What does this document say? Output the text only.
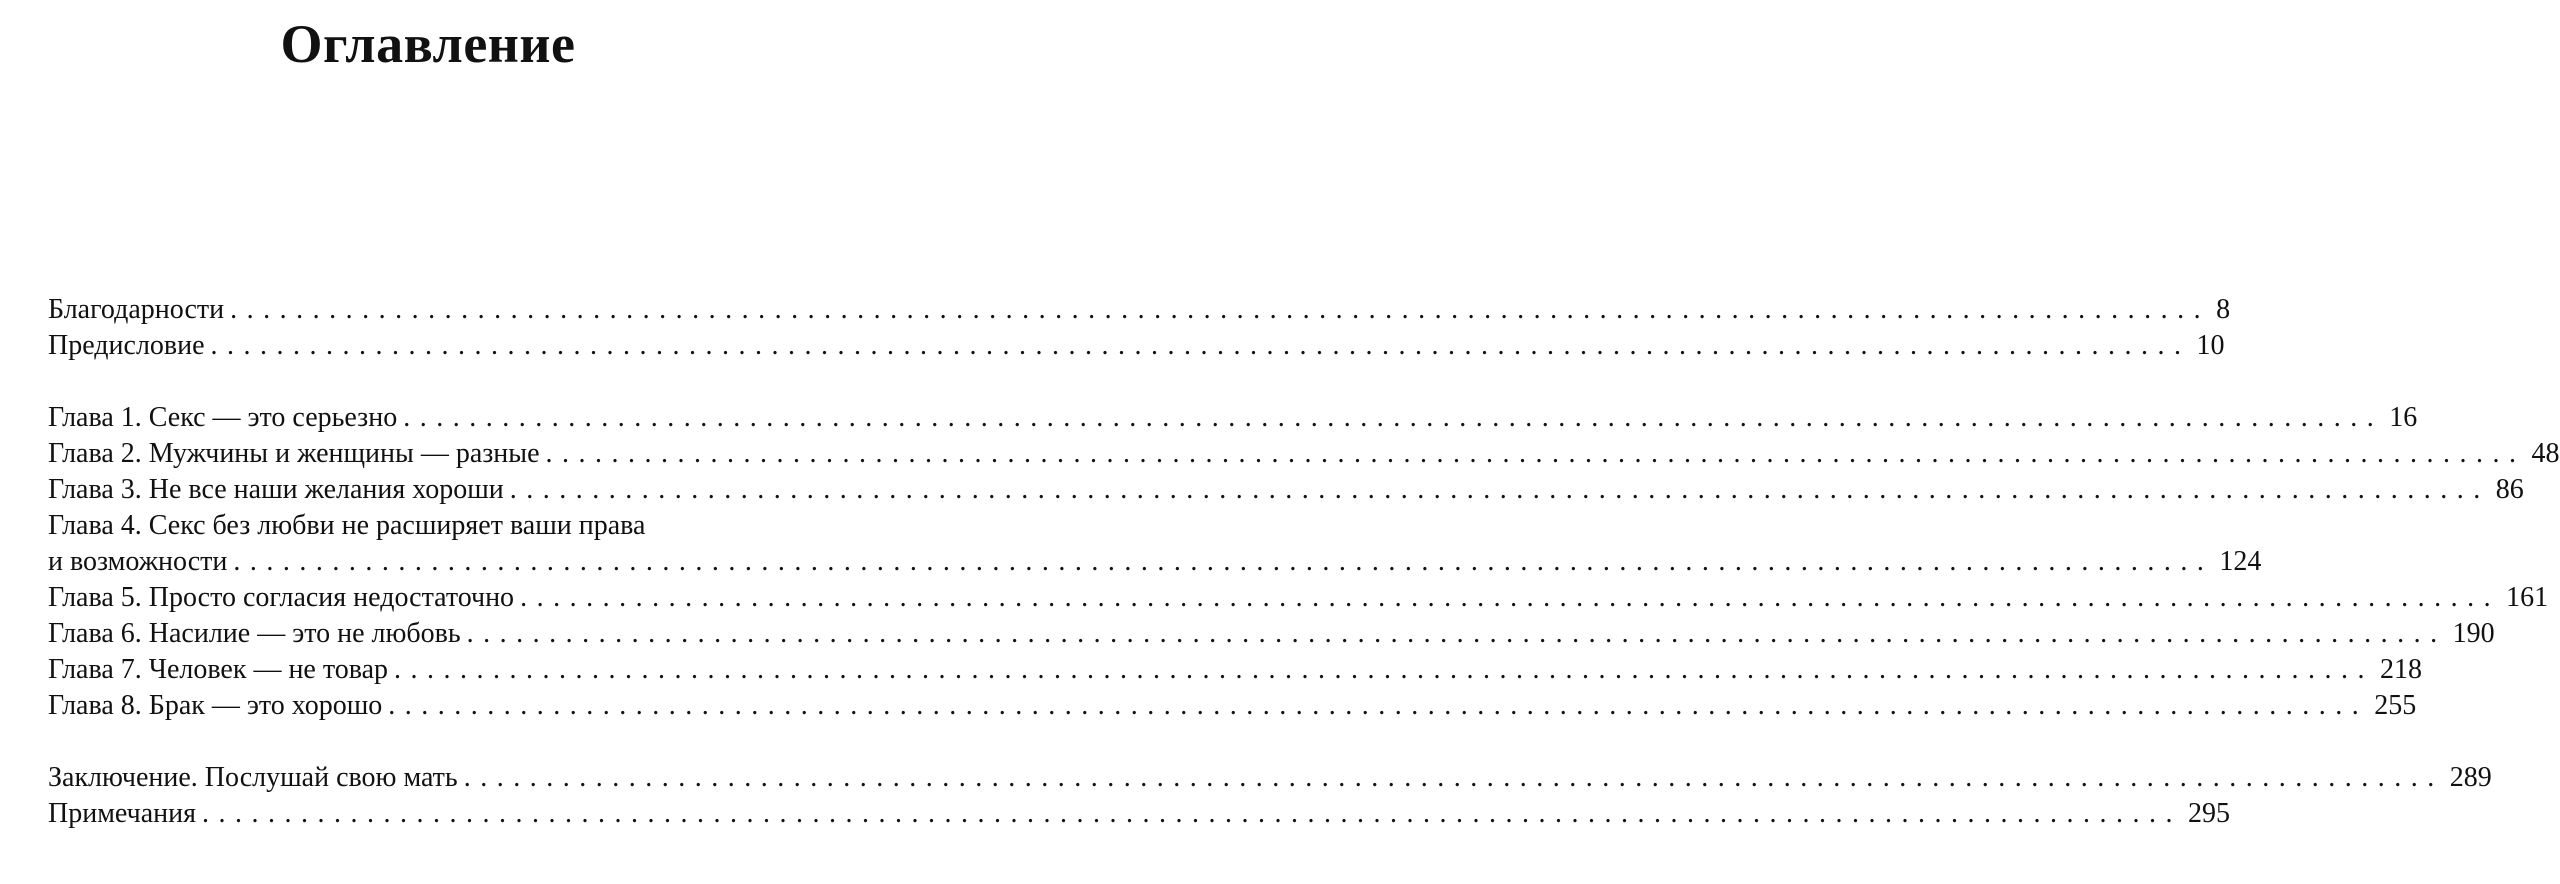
Оглавление
Благодарности ........................................................................................................................ 8
Предисловие ........................................................................................................................ 10
Глава 1. Секс — это серьезно ........................................................................................................................ 16
Глава 2. Мужчины и женщины — разные ........................................................................................................................ 48
Глава 3. Не все наши желания хороши ........................................................................................................................ 86
Глава 4. Секс без любви не расширяет ваши права
и возможности ........................................................................................................................ 124
Глава 5. Просто согласия недостаточно ........................................................................................................................ 161
Глава 6. Насилие — это не любовь ........................................................................................................................ 190
Глава 7. Человек — не товар ........................................................................................................................ 218
Глава 8. Брак — это хорошо ........................................................................................................................ 255
Заключение. Послушай свою мать ........................................................................................................................ 289
Примечания ........................................................................................................................ 295
